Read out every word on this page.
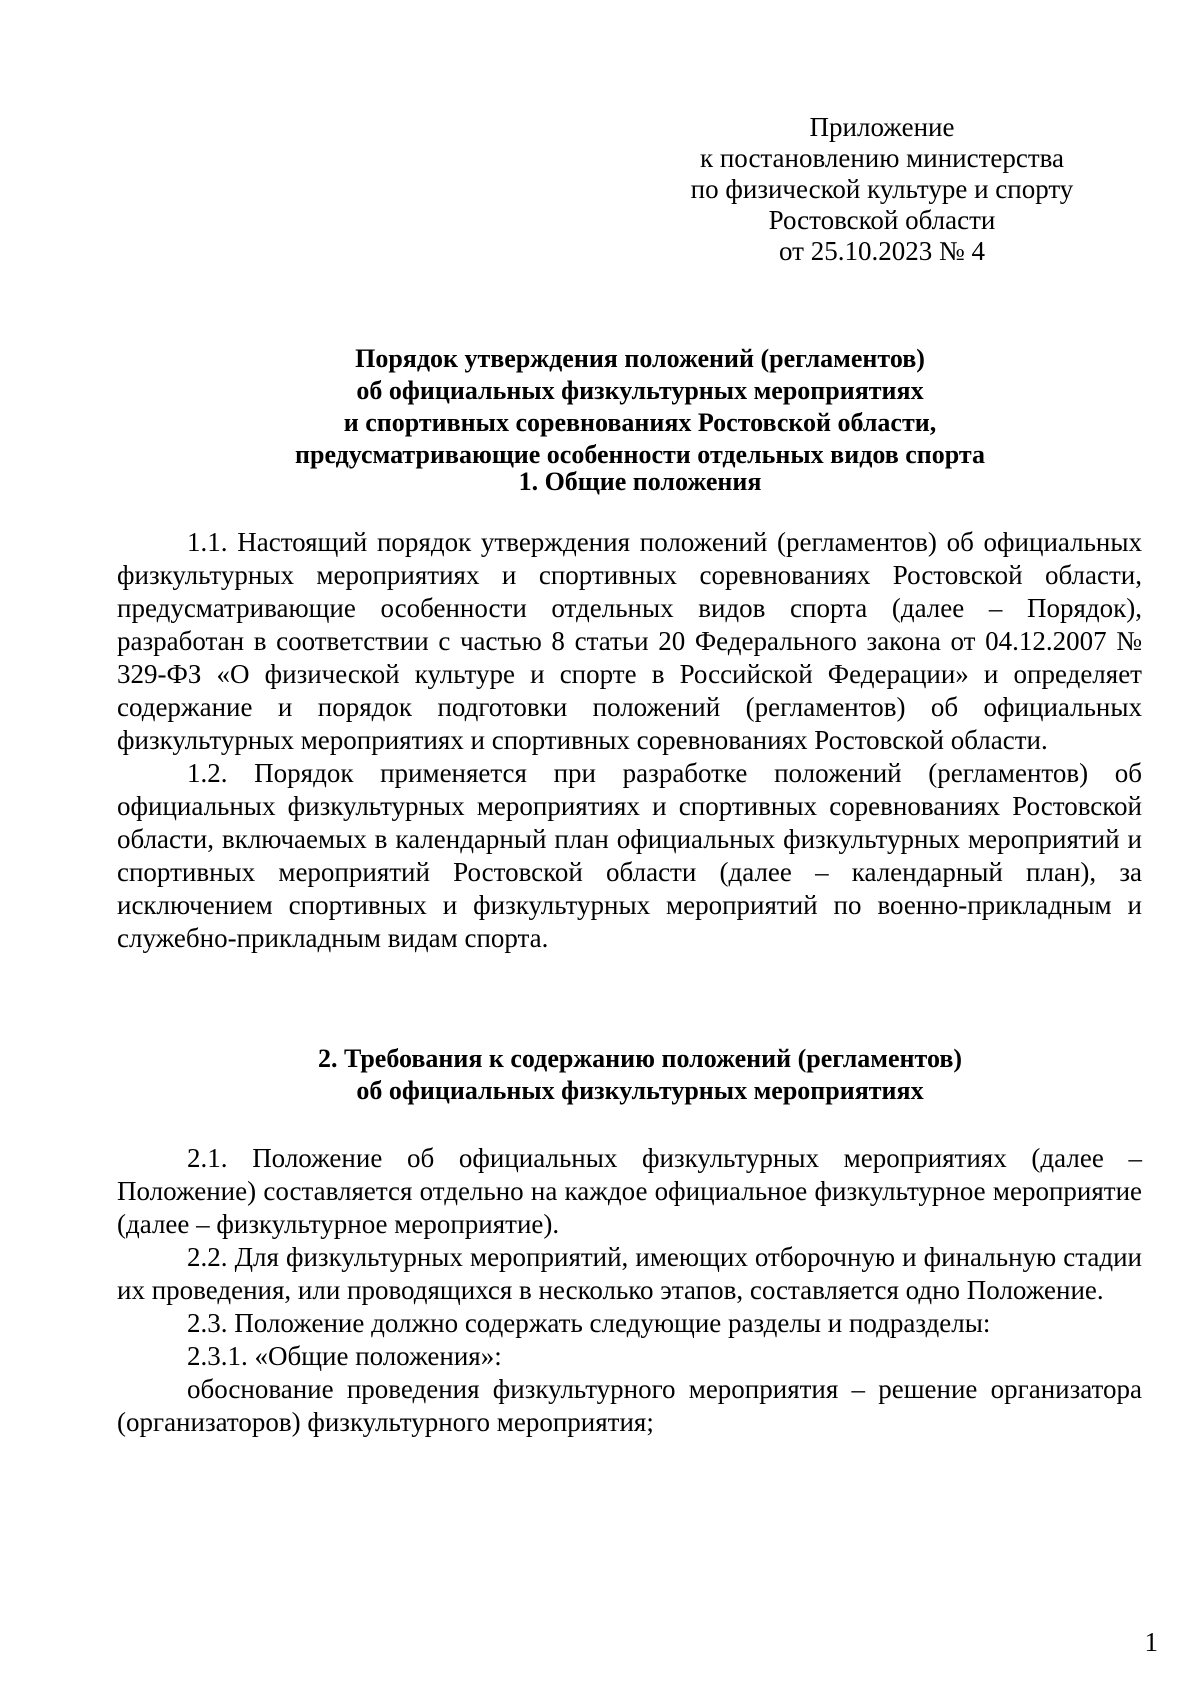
Приложение
к постановлению министерства
по физической культуре и спорту
Ростовской области
от 25.10.2023 № 4
Порядок утверждения положений (регламентов)
об официальных физкультурных мероприятиях
и спортивных соревнованиях Ростовской области,
предусматривающие особенности отдельных видов спорта
1. Общие положения

1.1. Настоящий порядок утверждения положений (регламентов) об официальных физкультурных мероприятиях и спортивных соревнованиях Ростовской области, предусматривающие особенности отдельных видов спорта (далее – Порядок), разработан в соответствии с частью 8 статьи 20 Федерального закона от 04.12.2007 № 329-ФЗ «О физической культуре и спорте в Российской Федерации» и определяет содержание и порядок подготовки положений (регламентов) об официальных физкультурных мероприятиях и спортивных соревнованиях Ростовской области.

1.2. Порядок применяется при разработке положений (регламентов) об официальных физкультурных мероприятиях и спортивных соревнованиях Ростовской области, включаемых в календарный план официальных физкультурных мероприятий и спортивных мероприятий Ростовской области (далее – календарный план), за исключением спортивных и физкультурных мероприятий по военно-прикладным и служебно-прикладным видам спорта.

2. Требования к содержанию положений (регламентов)
об официальных физкультурных мероприятиях

2.1. Положение об официальных физкультурных мероприятиях (далее – Положение) составляется отдельно на каждое официальное физкультурное мероприятие (далее – физкультурное мероприятие).

2.2. Для физкультурных мероприятий, имеющих отборочную и финальную стадии их проведения, или проводящихся в несколько этапов, составляется одно Положение.

2.3. Положение должно содержать следующие разделы и подразделы:

2.3.1. «Общие положения»:

обоснование проведения физкультурного мероприятия – решение организатора (организаторов) физкультурного мероприятия;

1
